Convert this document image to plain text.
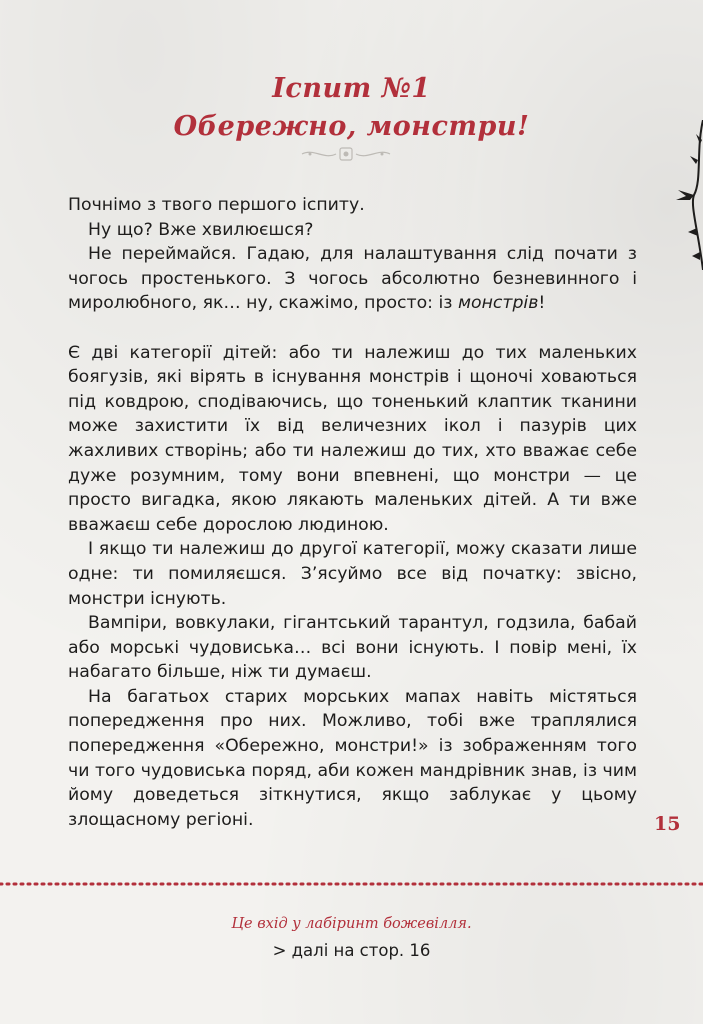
Іспит №1
Обережно, монстри!

Почнімо з твого першого іспиту.

Ну що? Вже хвилюєшся?

Не переймайся. Гадаю, для налаштування слід почати з чогось простенького. З чогось абсолютно безневинного і миролюбного, як… ну, скажімо, просто: із монстрів!

Є дві категорії дітей: або ти належиш до тих маленьких боягузів, які вірять в існування монстрів і щоночі ховаються під ковдрою, сподіваючись, що тоненький клаптик тканини може захистити їх від величезних ікол і пазурів цих жахливих створінь; або ти належиш до тих, хто вважає себе дуже розумним, тому вони впевнені, що монстри — це просто вигадка, якою лякають маленьких дітей. А ти вже вважаєш себе дорослою людиною.

І якщо ти належиш до другої категорії, можу сказати лише одне: ти помиляєшся. З’ясуймо все від початку: звісно, монстри існують.

Вампіри, вовкулаки, гігантський тарантул, годзила, бабай або морські чудовиська… всі вони існують. І повір мені, їх набагато більше, ніж ти думаєш.

На багатьох старих морських мапах навіть містяться попередження про них. Можливо, тобі вже траплялися попередження «Обережно, монстри!» із зображенням того чи того чудовиська поряд, аби кожен мандрівник знав, із чим йому доведеться зіткнутися, якщо заблукає у цьому злощасному регіоні.	15
Це вхід у лабіринт божевілля.
> далі на стор. 16
